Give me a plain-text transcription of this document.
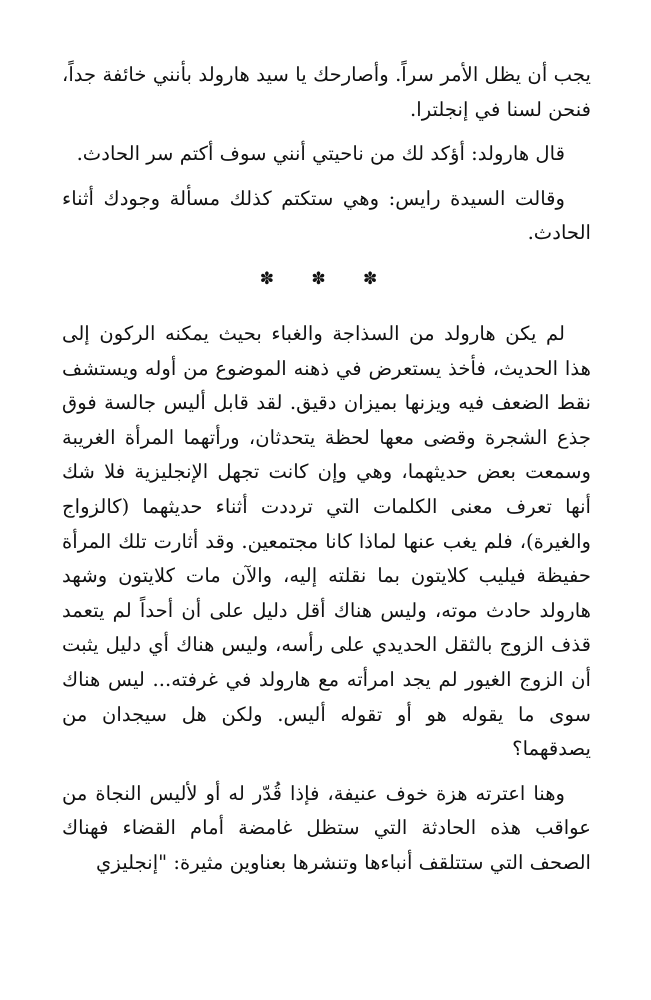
يجب أن يظل الأمر سراً. وأصارحك يا سيد هارولد بأنني خائفة جداً، فنحن لسنا في إنجلترا.

قال هارولد: أؤكد لك من ناحيتي أنني سوف أكتم سر الحادث.

وقالت السيدة رايس: وهي ستكتم كذلك مسألة وجودك أثناء الحادث.

✽ ✽ ✽

لم يكن هارولد من السذاجة والغباء بحيث يمكنه الركون إلى هذا الحديث، فأخذ يستعرض في ذهنه الموضوع من أوله ويستشف نقط الضعف فيه ويزنها بميزان دقيق. لقد قابل أليس جالسة فوق جذع الشجرة وقضى معها لحظة يتحدثان، ورأتهما المرأة الغريبة وسمعت بعض حديثهما، وهي وإن كانت تجهل الإنجليزية فلا شك أنها تعرف معنى الكلمات التي ترددت أثناء حديثهما (كالزواج والغيرة)، فلم يغب عنها لماذا كانا مجتمعين. وقد أثارت تلك المرأة حفيظة فيليب كلايتون بما نقلته إليه، والآن مات كلايتون وشهد هارولد حادث موته، وليس هناك أقل دليل على أن أحداً لم يتعمد قذف الزوج بالثقل الحديدي على رأسه، وليس هناك أي دليل يثبت أن الزوج الغيور لم يجد امرأته مع هارولد في غرفته... ليس هناك سوى ما يقوله هو أو تقوله أليس. ولكن هل سيجدان من يصدقهما؟

وهنا اعترته هزة خوف عنيفة، فإذا قُدّر له أو لأليس النجاة من عواقب هذه الحادثة التي ستظل غامضة أمام القضاء فهناك الصحف التي ستتلقف أنباءها وتنشرها بعناوين مثيرة: "إنجليزي
